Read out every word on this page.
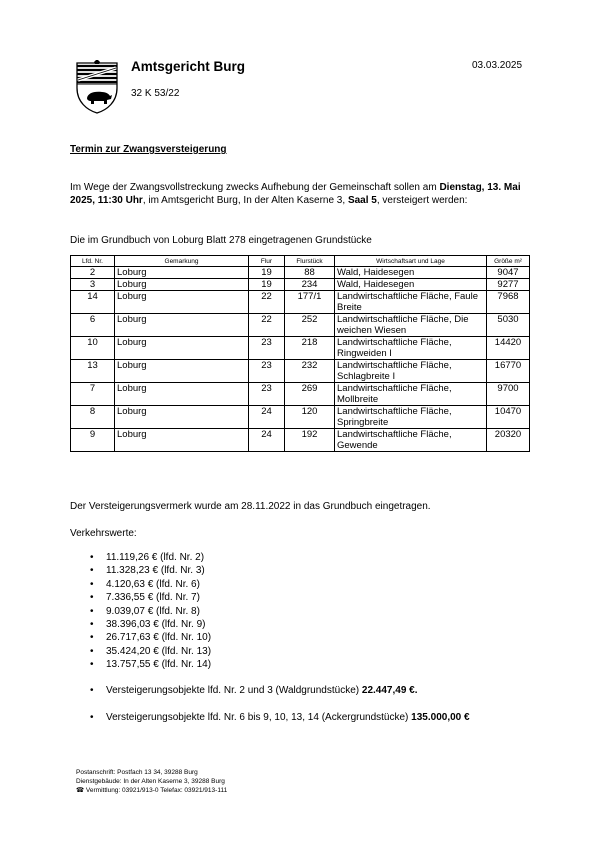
Amtsgericht Burg
32 K 53/22
03.03.2025
Termin zur Zwangsversteigerung
Im Wege der Zwangsvollstreckung zwecks Aufhebung der Gemeinschaft sollen am Dienstag, 13. Mai 2025, 11:30 Uhr, im Amtsgericht Burg, In der Alten Kaserne 3, Saal 5, versteigert werden:
Die im Grundbuch von Loburg Blatt 278 eingetragenen Grundstücke
Lfd. Nr.	Gemarkung	Flur	Flurstück	Wirtschaftsart und Lage	Größe m²
2	Loburg	19	88	Wald, Haidesegen	9047
3	Loburg	19	234	Wald, Haidesegen	9277
14	Loburg	22	177/1	Landwirtschaftliche Fläche, Faule Breite	7968
6	Loburg	22	252	Landwirtschaftliche Fläche, Die weichen Wiesen	5030
10	Loburg	23	218	Landwirtschaftliche Fläche, Ringweiden I	14420
13	Loburg	23	232	Landwirtschaftliche Fläche, Schlagbreite I	16770
7	Loburg	23	269	Landwirtschaftliche Fläche, Mollbreite	9700
8	Loburg	24	120	Landwirtschaftliche Fläche, Springbreite	10470
9	Loburg	24	192	Landwirtschaftliche Fläche, Gewende	20320
Der Versteigerungsvermerk wurde am 28.11.2022 in das Grundbuch eingetragen.
Verkehrswerte:
• 11.119,26 € (lfd. Nr. 2)
• 11.328,23 € (lfd. Nr. 3)
• 4.120,63 € (lfd. Nr. 6)
• 7.336,55 € (lfd. Nr. 7)
• 9.039,07 € (lfd. Nr. 8)
• 38.396,03 € (lfd. Nr. 9)
• 26.717,63 € (lfd. Nr. 10)
• 35.424,20 € (lfd. Nr. 13)
• 13.757,55 € (lfd. Nr. 14)
• Versteigerungsobjekte lfd. Nr. 2 und 3 (Waldgrundstücke) 22.447,49 €.
• Versteigerungsobjekte lfd. Nr. 6 bis 9, 10, 13, 14 (Ackergrundstücke) 135.000,00 €
Postanschrift: Postfach 13 34, 39288 Burg
Dienstgebäude: In der Alten Kaserne 3, 39288 Burg
☎ Vermittlung: 03921/913-0 Telefax: 03921/913-111
